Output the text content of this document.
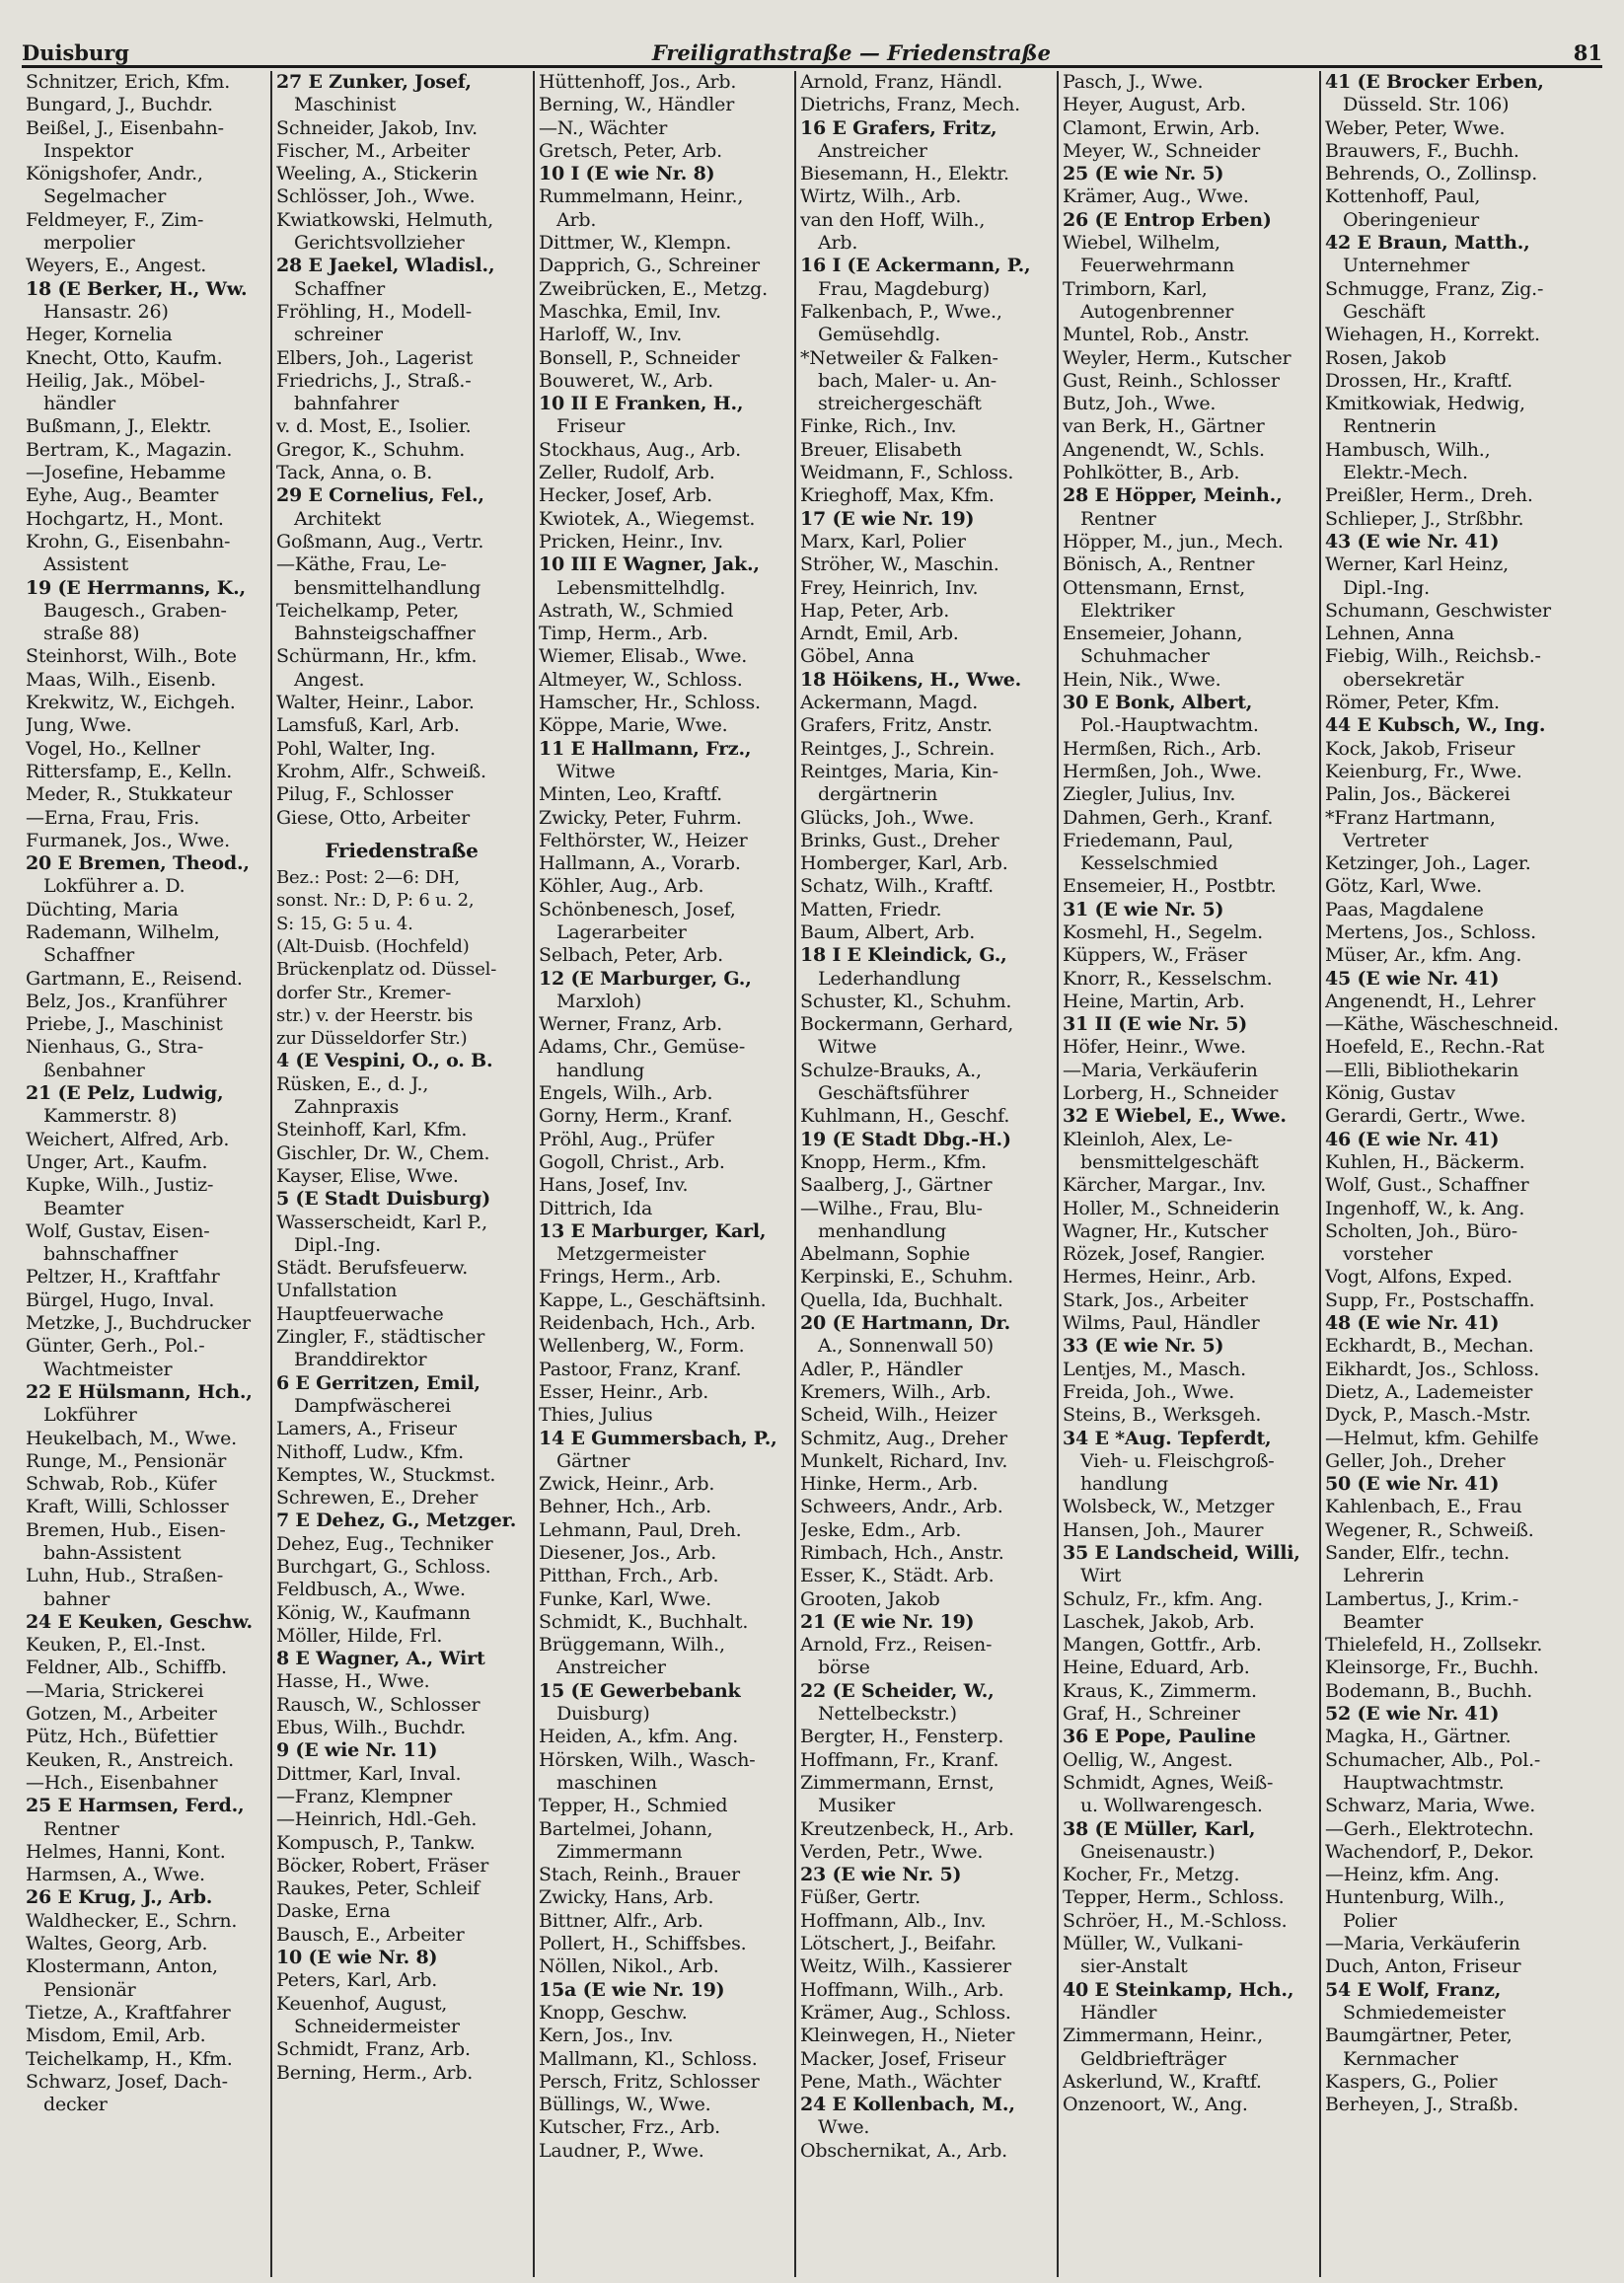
Duisburg	Freiligrathstraße — Friedenstraße	81
Schnitzer, Erich, Kfm.
Bungard, J., Buchdr.
Beißel, J., Eisenbahn-
Inspektor
Königshofer, Andr.,
Segelmacher
Feldmeyer, F., Zim-
merpolier
Weyers, E., Angest.
18 (E Berker, H., Ww.
Hansastr. 26)
Heger, Kornelia
Knecht, Otto, Kaufm.
Heilig, Jak., Möbel-
händler
Bußmann, J., Elektr.
Bertram, K., Magazin.
—Josefine, Hebamme
Eyhe, Aug., Beamter
Hochgartz, H., Mont.
Krohn, G., Eisenbahn-
Assistent
19 (E Herrmanns, K.,
Baugesch., Graben-
straße 88)
Steinhorst, Wilh., Bote
Maas, Wilh., Eisenb.
Krekwitz, W., Eichgeh.
Jung, Wwe.
Vogel, Ho., Kellner
Rittersfamp, E., Kelln.
Meder, R., Stukkateur
—Erna, Frau, Fris.
Furmanek, Jos., Wwe.
20 E Bremen, Theod.,
Lokführer a. D.
Düchting, Maria
Rademann, Wilhelm,
Schaffner
Gartmann, E., Reisend.
Belz, Jos., Kranführer
Priebe, J., Maschinist
Nienhaus, G., Stra-
ßenbahner
21 (E Pelz, Ludwig,
Kammerstr. 8)
Weichert, Alfred, Arb.
Unger, Art., Kaufm.
Kupke, Wilh., Justiz-
Beamter
Wolf, Gustav, Eisen-
bahnschaffner
Peltzer, H., Kraftfahr
Bürgel, Hugo, Inval.
Metzke, J., Buchdrucker
Günter, Gerh., Pol.-
Wachtmeister
22 E Hülsmann, Hch.,
Lokführer
Heukelbach, M., Wwe.
Runge, M., Pensionär
Schwab, Rob., Küfer
Kraft, Willi, Schlosser
Bremen, Hub., Eisen-
bahn-Assistent
Luhn, Hub., Straßen-
bahner
24 E Keuken, Geschw.
Keuken, P., El.-Inst.
Feldner, Alb., Schiffb.
—Maria, Strickerei
Gotzen, M., Arbeiter
Pütz, Hch., Büfettier
Keuken, R., Anstreich.
—Hch., Eisenbahner
25 E Harmsen, Ferd.,
Rentner
Helmes, Hanni, Kont.
Harmsen, A., Wwe.
26 E Krug, J., Arb.
Waldhecker, E., Schrn.
Waltes, Georg, Arb.
Klostermann, Anton,
Pensionär
Tietze, A., Kraftfahrer
Misdom, Emil, Arb.
Teichelkamp, H., Kfm.
Schwarz, Josef, Dach-
decker
27 E Zunker, Josef,
Maschinist
Schneider, Jakob, Inv.
Fischer, M., Arbeiter
Weeling, A., Stickerin
Schlösser, Joh., Wwe.
Kwiatkowski, Helmuth,
Gerichtsvollzieher
28 E Jaekel, Wladisl.,
Schaffner
Fröhling, H., Modell-
schreiner
Elbers, Joh., Lagerist
Friedrichs, J., Straß.-
bahnfahrer
v. d. Most, E., Isolier.
Gregor, K., Schuhm.
Tack, Anna, o. B.
29 E Cornelius, Fel.,
Architekt
Goßmann, Aug., Vertr.
—Käthe, Frau, Le-
bensmittelhandlung
Teichelkamp, Peter,
Bahnsteigschaffner
Schürmann, Hr., kfm.
Angest.
Walter, Heinr., Labor.
Lamsfuß, Karl, Arb.
Pohl, Walter, Ing.
Krohm, Alfr., Schweiß.
Pilug, F., Schlosser
Giese, Otto, Arbeiter
Friedenstraße
Bez.: Post: 2—6: DH,
sonst. Nr.: D, P: 6 u. 2,
S: 15, G: 5 u. 4.
(Alt-Duisb. (Hochfeld)
Brückenplatz od. Düssel-
dorfer Str., Kremer-
str.) v. der Heerstr. bis
zur Düsseldorfer Str.)
4 (E Vespini, O., o. B.
Rüsken, E., d. J.,
Zahnpraxis
Steinhoff, Karl, Kfm.
Gischler, Dr. W., Chem.
Kayser, Elise, Wwe.
5 (E Stadt Duisburg)
Wasserscheidt, Karl P.,
Dipl.-Ing.
Städt. Berufsfeuerw.
Unfallstation
Hauptfeuerwache
Zingler, F., städtischer
Branddirektor
6 E Gerritzen, Emil,
Dampfwäscherei
Lamers, A., Friseur
Nithoff, Ludw., Kfm.
Kemptes, W., Stuckmst.
Schrewen, E., Dreher
7 E Dehez, G., Metzger.
Dehez, Eug., Techniker
Burchgart, G., Schloss.
Feldbusch, A., Wwe.
König, W., Kaufmann
Möller, Hilde, Frl.
8 E Wagner, A., Wirt
Hasse, H., Wwe.
Rausch, W., Schlosser
Ebus, Wilh., Buchdr.
9 (E wie Nr. 11)
Dittmer, Karl, Inval.
—Franz, Klempner
—Heinrich, Hdl.-Geh.
Kompusch, P., Tankw.
Böcker, Robert, Fräser
Raukes, Peter, Schleif
Daske, Erna
Bausch, E., Arbeiter
10 (E wie Nr. 8)
Peters, Karl, Arb.
Keuenhof, August,
Schneidermeister
Schmidt, Franz, Arb.
Berning, Herm., Arb.
Hüttenhoff, Jos., Arb.
Berning, W., Händler
—N., Wächter
Gretsch, Peter, Arb.
10 I (E wie Nr. 8)
Rummelmann, Heinr.,
Arb.
Dittmer, W., Klempn.
Dapprich, G., Schreiner
Zweibrücken, E., Metzg.
Maschka, Emil, Inv.
Harloff, W., Inv.
Bonsell, P., Schneider
Bouweret, W., Arb.
10 II E Franken, H.,
Friseur
Stockhaus, Aug., Arb.
Zeller, Rudolf, Arb.
Hecker, Josef, Arb.
Kwiotek, A., Wiegemst.
Pricken, Heinr., Inv.
10 III E Wagner, Jak.,
Lebensmittelhdlg.
Astrath, W., Schmied
Timp, Herm., Arb.
Wiemer, Elisab., Wwe.
Altmeyer, W., Schloss.
Hamscher, Hr., Schloss.
Köppe, Marie, Wwe.
11 E Hallmann, Frz.,
Witwe
Minten, Leo, Kraftf.
Zwicky, Peter, Fuhrm.
Felthörster, W., Heizer
Hallmann, A., Vorarb.
Köhler, Aug., Arb.
Schönbenesch, Josef,
Lagerarbeiter
Selbach, Peter, Arb.
12 (E Marburger, G.,
Marxloh)
Werner, Franz, Arb.
Adams, Chr., Gemüse-
handlung
Engels, Wilh., Arb.
Gorny, Herm., Kranf.
Pröhl, Aug., Prüfer
Gogoll, Christ., Arb.
Hans, Josef, Inv.
Dittrich, Ida
13 E Marburger, Karl,
Metzgermeister
Frings, Herm., Arb.
Kappe, L., Geschäftsinh.
Reidenbach, Hch., Arb.
Wellenberg, W., Form.
Pastoor, Franz, Kranf.
Esser, Heinr., Arb.
Thies, Julius
14 E Gummersbach, P.,
Gärtner
Zwick, Heinr., Arb.
Behner, Hch., Arb.
Lehmann, Paul, Dreh.
Diesener, Jos., Arb.
Pitthan, Frch., Arb.
Funke, Karl, Wwe.
Schmidt, K., Buchhalt.
Brüggemann, Wilh.,
Anstreicher
15 (E Gewerbebank
Duisburg)
Heiden, A., kfm. Ang.
Hörsken, Wilh., Wasch-
maschinen
Tepper, H., Schmied
Bartelmei, Johann,
Zimmermann
Stach, Reinh., Brauer
Zwicky, Hans, Arb.
Bittner, Alfr., Arb.
Pollert, H., Schiffsbes.
Nöllen, Nikol., Arb.
15a (E wie Nr. 19)
Knopp, Geschw.
Kern, Jos., Inv.
Mallmann, Kl., Schloss.
Persch, Fritz, Schlosser
Büllings, W., Wwe.
Kutscher, Frz., Arb.
Laudner, P., Wwe.
Arnold, Franz, Händl.
Dietrichs, Franz, Mech.
16 E Grafers, Fritz,
Anstreicher
Biesemann, H., Elektr.
Wirtz, Wilh., Arb.
van den Hoff, Wilh.,
Arb.
16 I (E Ackermann, P.,
Frau, Magdeburg)
Falkenbach, P., Wwe.,
Gemüsehdlg.
*Netweiler & Falken-
bach, Maler- u. An-
streichergeschäft
Finke, Rich., Inv.
Breuer, Elisabeth
Weidmann, F., Schloss.
Krieghoff, Max, Kfm.
17 (E wie Nr. 19)
Marx, Karl, Polier
Ströher, W., Maschin.
Frey, Heinrich, Inv.
Hap, Peter, Arb.
Arndt, Emil, Arb.
Göbel, Anna
18 Höikens, H., Wwe.
Ackermann, Magd.
Grafers, Fritz, Anstr.
Reintges, J., Schrein.
Reintges, Maria, Kin-
dergärtnerin
Glücks, Joh., Wwe.
Brinks, Gust., Dreher
Homberger, Karl, Arb.
Schatz, Wilh., Kraftf.
Matten, Friedr.
Baum, Albert, Arb.
18 I E Kleindick, G.,
Lederhandlung
Schuster, Kl., Schuhm.
Bockermann, Gerhard,
Witwe
Schulze-Brauks, A.,
Geschäftsführer
Kuhlmann, H., Geschf.
19 (E Stadt Dbg.-H.)
Knopp, Herm., Kfm.
Saalberg, J., Gärtner
—Wilhe., Frau, Blu-
menhandlung
Abelmann, Sophie
Kerpinski, E., Schuhm.
Quella, Ida, Buchhalt.
20 (E Hartmann, Dr.
A., Sonnenwall 50)
Adler, P., Händler
Kremers, Wilh., Arb.
Scheid, Wilh., Heizer
Schmitz, Aug., Dreher
Munkelt, Richard, Inv.
Hinke, Herm., Arb.
Schweers, Andr., Arb.
Jeske, Edm., Arb.
Rimbach, Hch., Anstr.
Esser, K., Städt. Arb.
Grooten, Jakob
21 (E wie Nr. 19)
Arnold, Frz., Reisen-
börse
22 (E Scheider, W.,
Nettelbeckstr.)
Bergter, H., Fensterp.
Hoffmann, Fr., Kranf.
Zimmermann, Ernst,
Musiker
Kreutzenbeck, H., Arb.
Verden, Petr., Wwe.
23 (E wie Nr. 5)
Füßer, Gertr.
Hoffmann, Alb., Inv.
Lötschert, J., Beifahr.
Weitz, Wilh., Kassierer
Hoffmann, Wilh., Arb.
Krämer, Aug., Schloss.
Kleinwegen, H., Nieter
Macker, Josef, Friseur
Pene, Math., Wächter
24 E Kollenbach, M.,
Wwe.
Obschernikat, A., Arb.
Pasch, J., Wwe.
Heyer, August, Arb.
Clamont, Erwin, Arb.
Meyer, W., Schneider
25 (E wie Nr. 5)
Krämer, Aug., Wwe.
26 (E Entrop Erben)
Wiebel, Wilhelm,
Feuerwehrmann
Trimborn, Karl,
Autogenbrenner
Muntel, Rob., Anstr.
Weyler, Herm., Kutscher
Gust, Reinh., Schlosser
Butz, Joh., Wwe.
van Berk, H., Gärtner
Angenendt, W., Schls.
Pohlkötter, B., Arb.
28 E Höpper, Meinh.,
Rentner
Höpper, M., jun., Mech.
Bönisch, A., Rentner
Ottensmann, Ernst,
Elektriker
Ensemeier, Johann,
Schuhmacher
Hein, Nik., Wwe.
30 E Bonk, Albert,
Pol.-Hauptwachtm.
Hermßen, Rich., Arb.
Hermßen, Joh., Wwe.
Ziegler, Julius, Inv.
Dahmen, Gerh., Kranf.
Friedemann, Paul,
Kesselschmied
Ensemeier, H., Postbtr.
31 (E wie Nr. 5)
Kosmehl, H., Segelm.
Küppers, W., Fräser
Knorr, R., Kesselschm.
Heine, Martin, Arb.
31 II (E wie Nr. 5)
Höfer, Heinr., Wwe.
—Maria, Verkäuferin
Lorberg, H., Schneider
32 E Wiebel, E., Wwe.
Kleinloh, Alex, Le-
bensmittelgeschäft
Kärcher, Margar., Inv.
Holler, M., Schneiderin
Wagner, Hr., Kutscher
Rözek, Josef, Rangier.
Hermes, Heinr., Arb.
Stark, Jos., Arbeiter
Wilms, Paul, Händler
33 (E wie Nr. 5)
Lentjes, M., Masch.
Freida, Joh., Wwe.
Steins, B., Werksgeh.
34 E *Aug. Tepferdt,
Vieh- u. Fleischgroß-
handlung
Wolsbeck, W., Metzger
Hansen, Joh., Maurer
35 E Landscheid, Willi,
Wirt
Schulz, Fr., kfm. Ang.
Laschek, Jakob, Arb.
Mangen, Gottfr., Arb.
Heine, Eduard, Arb.
Kraus, K., Zimmerm.
Graf, H., Schreiner
36 E Pope, Pauline
Oellig, W., Angest.
Schmidt, Agnes, Weiß-
u. Wollwarengesch.
38 (E Müller, Karl,
Gneisenaustr.)
Kocher, Fr., Metzg.
Tepper, Herm., Schloss.
Schröer, H., M.-Schloss.
Müller, W., Vulkani-
sier-Anstalt
40 E Steinkamp, Hch.,
Händler
Zimmermann, Heinr.,
Geldbriefträger
Askerlund, W., Kraftf.
Onzenoort, W., Ang.
41 (E Brocker Erben,
Düsseld. Str. 106)
Weber, Peter, Wwe.
Brauwers, F., Buchh.
Behrends, O., Zollinsp.
Kottenhoff, Paul,
Oberingenieur
42 E Braun, Matth.,
Unternehmer
Schmugge, Franz, Zig.-
Geschäft
Wiehagen, H., Korrekt.
Rosen, Jakob
Drossen, Hr., Kraftf.
Kmitkowiak, Hedwig,
Rentnerin
Hambusch, Wilh.,
Elektr.-Mech.
Preißler, Herm., Dreh.
Schlieper, J., Strßbhr.
43 (E wie Nr. 41)
Werner, Karl Heinz,
Dipl.-Ing.
Schumann, Geschwister
Lehnen, Anna
Fiebig, Wilh., Reichsb.-
obersekretär
Römer, Peter, Kfm.
44 E Kubsch, W., Ing.
Kock, Jakob, Friseur
Keienburg, Fr., Wwe.
Palin, Jos., Bäckerei
*Franz Hartmann,
Vertreter
Ketzinger, Joh., Lager.
Götz, Karl, Wwe.
Paas, Magdalene
Mertens, Jos., Schloss.
Müser, Ar., kfm. Ang.
45 (E wie Nr. 41)
Angenendt, H., Lehrer
—Käthe, Wäscheschneid.
Hoefeld, E., Rechn.-Rat
—Elli, Bibliothekarin
König, Gustav
Gerardi, Gertr., Wwe.
46 (E wie Nr. 41)
Kuhlen, H., Bäckerm.
Wolf, Gust., Schaffner
Ingenhoff, W., k. Ang.
Scholten, Joh., Büro-
vorsteher
Vogt, Alfons, Exped.
Supp, Fr., Postschaffn.
48 (E wie Nr. 41)
Eckhardt, B., Mechan.
Eikhardt, Jos., Schloss.
Dietz, A., Lademeister
Dyck, P., Masch.-Mstr.
—Helmut, kfm. Gehilfe
Geller, Joh., Dreher
50 (E wie Nr. 41)
Kahlenbach, E., Frau
Wegener, R., Schweiß.
Sander, Elfr., techn.
Lehrerin
Lambertus, J., Krim.-
Beamter
Thielefeld, H., Zollsekr.
Kleinsorge, Fr., Buchh.
Bodemann, B., Buchh.
52 (E wie Nr. 41)
Magka, H., Gärtner.
Schumacher, Alb., Pol.-
Hauptwachtmstr.
Schwarz, Maria, Wwe.
—Gerh., Elektrotechn.
Wachendorf, P., Dekor.
—Heinz, kfm. Ang.
Huntenburg, Wilh.,
Polier
—Maria, Verkäuferin
Duch, Anton, Friseur
54 E Wolf, Franz,
Schmiedemeister
Baumgärtner, Peter,
Kernmacher
Kaspers, G., Polier
Berheyen, J., Straßb.
